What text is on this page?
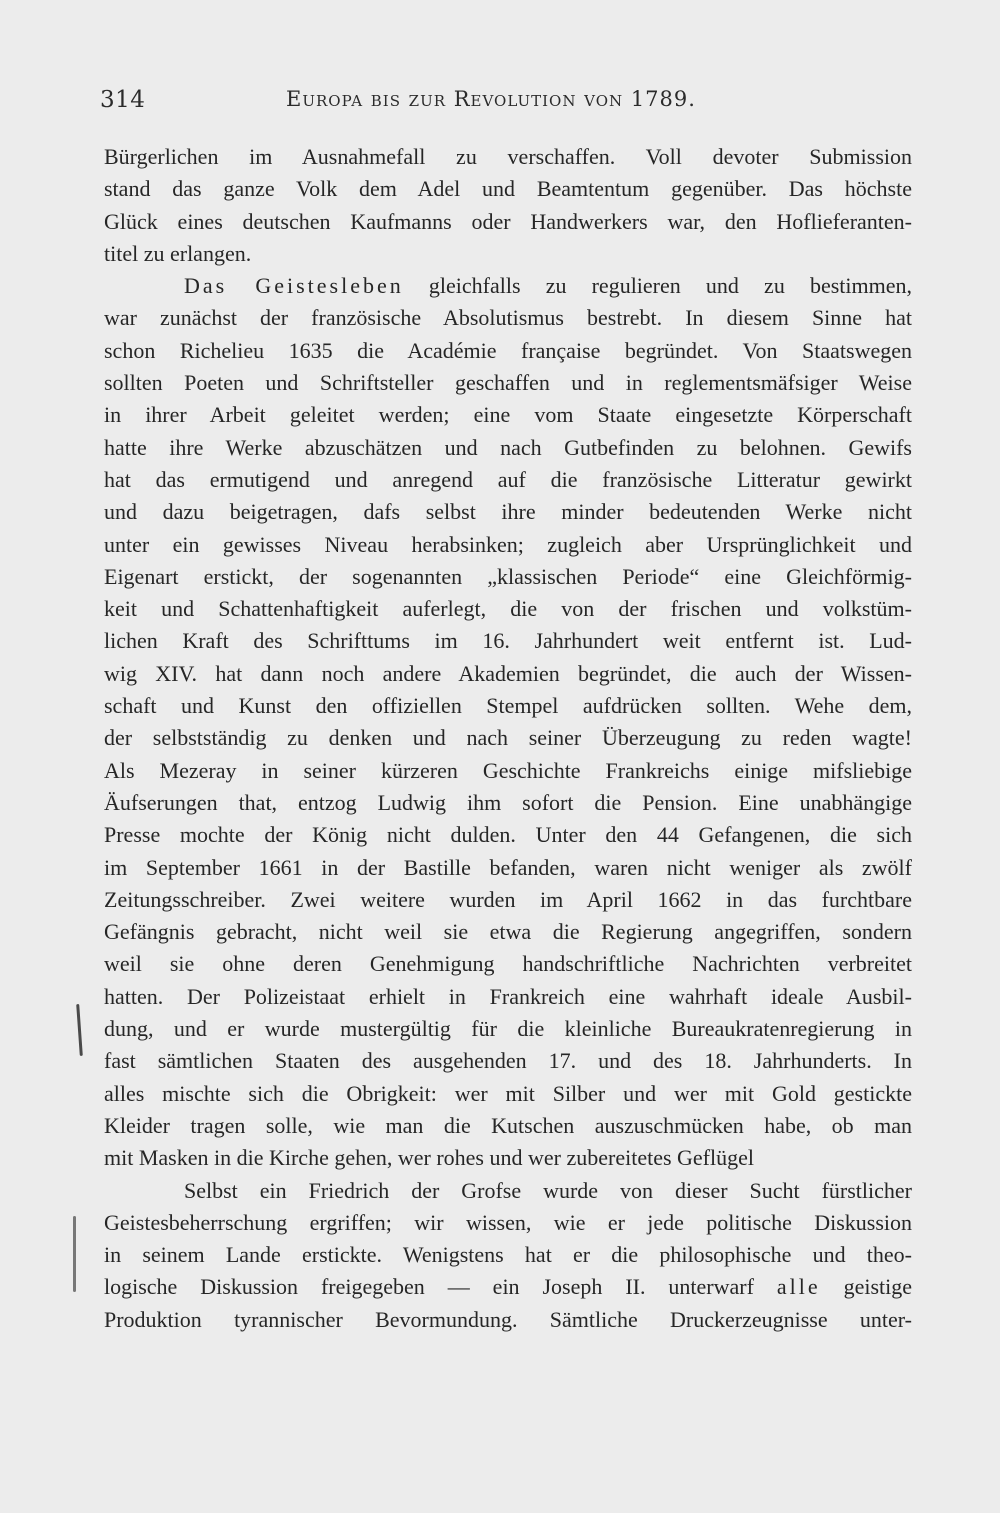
314	Europa bis zur Revolution von 1789.
Bürgerlichen im Ausnahmefall zu verschaffen. Voll devoter Submission
stand das ganze Volk dem Adel und Beamtentum gegenüber. Das höchste
Glück eines deutschen Kaufmanns oder Handwerkers war, den Hoflieferanten-
titel zu erlangen.
Das Geistesleben gleichfalls zu regulieren und zu bestimmen,
war zunächst der französische Absolutismus bestrebt. In diesem Sinne hat
schon Richelieu 1635 die Académie française begründet. Von Staatswegen
sollten Poeten und Schriftsteller geschaffen und in reglementsmäfsiger Weise
in ihrer Arbeit geleitet werden; eine vom Staate eingesetzte Körperschaft
hatte ihre Werke abzuschätzen und nach Gutbefinden zu belohnen. Gewifs
hat das ermutigend und anregend auf die französische Litteratur gewirkt
und dazu beigetragen, dafs selbst ihre minder bedeutenden Werke nicht
unter ein gewisses Niveau herabsinken; zugleich aber Ursprünglichkeit und
Eigenart erstickt, der sogenannten „klassischen Periode“ eine Gleichförmig-
keit und Schattenhaftigkeit auferlegt, die von der frischen und volkstüm-
lichen Kraft des Schrifttums im 16. Jahrhundert weit entfernt ist. Lud-
wig XIV. hat dann noch andere Akademien begründet, die auch der Wissen-
schaft und Kunst den offiziellen Stempel aufdrücken sollten. Wehe dem,
der selbstständig zu denken und nach seiner Überzeugung zu reden wagte!
Als Mezeray in seiner kürzeren Geschichte Frankreichs einige mifsliebige
Äufserungen that, entzog Ludwig ihm sofort die Pension. Eine unabhängige
Presse mochte der König nicht dulden. Unter den 44 Gefangenen, die sich
im September 1661 in der Bastille befanden, waren nicht weniger als zwölf
Zeitungsschreiber. Zwei weitere wurden im April 1662 in das furchtbare
Gefängnis gebracht, nicht weil sie etwa die Regierung angegriffen, sondern
weil sie ohne deren Genehmigung handschriftliche Nachrichten verbreitet
hatten. Der Polizeistaat erhielt in Frankreich eine wahrhaft ideale Ausbil-
dung, und er wurde mustergültig für die kleinliche Bureaukratenregierung in
fast sämtlichen Staaten des ausgehenden 17. und des 18. Jahrhunderts. In
alles mischte sich die Obrigkeit: wer mit Silber und wer mit Gold gestickte
Kleider tragen solle, wie man die Kutschen auszuschmücken habe, ob man
mit Masken in die Kirche gehen, wer rohes und wer zubereitetes Geflügel
Selbst ein Friedrich der Grofse wurde von dieser Sucht fürstlicher
Geistesbeherrschung ergriffen; wir wissen, wie er jede politische Diskussion
in seinem Lande erstickte. Wenigstens hat er die philosophische und theo-
logische Diskussion freigegeben — ein Joseph II. unterwarf alle geistige
Produktion tyrannischer Bevormundung. Sämtliche Druckerzeugnisse unter-
